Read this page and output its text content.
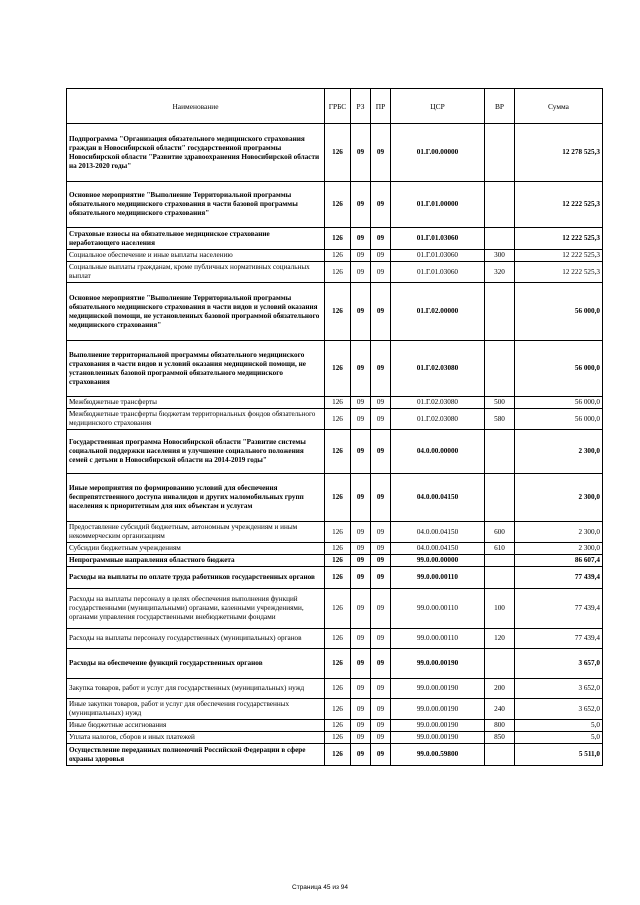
Наименование	ГРБС	РЗ	ПР	ЦСР	ВР	Сумма
Подпрограмма "Организация обязательного медицинского страхования граждан в Новосибирской области" государственной программы Новосибирской области "Развитие здравоохранения Новосибирской области на 2013-2020 годы"	126	09	09	01.Г.00.00000		12 278 525,3
Основное мероприятие "Выполнение Территориальной программы обязательного медицинского страхования в части базовой программы обязательного медицинского страхования"	126	09	09	01.Г.01.00000		12 222 525,3
Страховые взносы на обязательное медицинское страхование неработающего населения	126	09	09	01.Г.01.03060		12 222 525,3
Социальное обеспечение и иные выплаты населению	126	09	09	01.Г.01.03060	300	12 222 525,3
Социальные выплаты гражданам, кроме публичных нормативных социальных выплат	126	09	09	01.Г.01.03060	320	12 222 525,3
Основное мероприятие "Выполнение Территориальной программы обязательного медицинского страхования в части видов и условий оказания медицинской помощи, не установленных базовой программой обязательного медицинского страхования"	126	09	09	01.Г.02.00000		56 000,0
Выполнение территориальной программы обязательного медицинского страхования в части видов и условий оказания медицинской помощи, не установленных базовой программой обязательного медицинского страхования	126	09	09	01.Г.02.03080		56 000,0
Межбюджетные трансферты	126	09	09	01.Г.02.03080	500	56 000,0
Межбюджетные трансферты бюджетам территориальных фондов обязательного медицинского страхования	126	09	09	01.Г.02.03080	580	56 000,0
Государственная программа Новосибирской области "Развитие системы социальной поддержки населения и улучшение социального положения семей с детьми в Новосибирской области на 2014-2019 годы"	126	09	09	04.0.00.00000		2 300,0
Иные мероприятия по формированию условий для обеспечения беспрепятственного доступа инвалидов и других маломобильных групп населения к приоритетным для них объектам и услугам	126	09	09	04.0.00.04150		2 300,0
Предоставление субсидий бюджетным, автономным учреждениям и иным некоммерческим организациям	126	09	09	04.0.00.04150	600	2 300,0
Субсидии бюджетным учреждениям	126	09	09	04.0.00.04150	610	2 300,0
Непрограммные направления областного бюджета	126	09	09	99.0.00.00000		86 607,4
Расходы на выплаты по оплате труда работников государственных органов	126	09	09	99.0.00.00110		77 439,4
Расходы на выплаты персоналу в целях обеспечения выполнения функций государственными (муниципальными) органами, казенными учреждениями, органами управления государственными внебюджетными фондами	126	09	09	99.0.00.00110	100	77 439,4
Расходы на выплаты персоналу государственных (муниципальных) органов	126	09	09	99.0.00.00110	120	77 439,4
Расходы на обеспечение функций государственных органов	126	09	09	99.0.00.00190		3 657,0
Закупка товаров, работ и услуг для государственных (муниципальных) нужд	126	09	09	99.0.00.00190	200	3 652,0
Иные закупки товаров, работ и услуг для обеспечения государственных (муниципальных) нужд	126	09	09	99.0.00.00190	240	3 652,0
Иные бюджетные ассигнования	126	09	09	99.0.00.00190	800	5,0
Уплата налогов, сборов и иных платежей	126	09	09	99.0.00.00190	850	5,0
Осуществление переданных полномочий Российской Федерации в сфере охраны здоровья	126	09	09	99.0.00.59800		5 511,0
Страница 45 из 94
